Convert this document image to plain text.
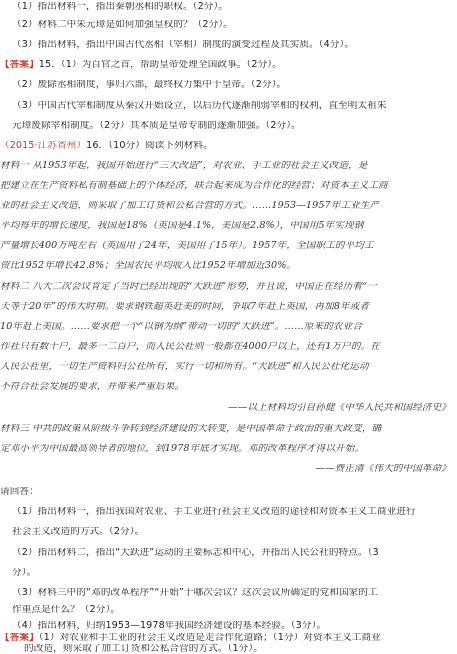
（1）指出材料一，指出秦朝丞相的职权。（2分）。
（2）材料二中朱元璋是如何加强皇权的？（2分）。
（3）指出材料，指出中国古代丞相（宰相）制度的演变过程及其实质。（4分）。
【答案】15．（1）为百官之首，帮助皇帝处理全国政事。（2分）。
（2）废除丞相制度，事归六部，最终权力集中于皇帝。（2分）。
（3）中国古代宰相制度从秦汉开始设立，以后历代逐渐削弱宰相的权利，直至明太祖朱
元璋废除宰相制度。（2分）其本质是皇帝专制的逐渐加强。（2分）。
（2015·江苏省州）16．（10分）阅读下列材料。
材料一 从1953年起，我国开始进行“三大改造”，对农业、手工业的社会主义改造，是
把建立在生产资料私有制基础上的个体经济，联合起来成为合作化的经营；对资本主义工商
业的社会主义改造，则采取了加工订货和公私合营的方式。……1953—1957年工业生产
平均每年的增长速度，我国是18%（英国是4.1%，美国是2.8%），中国用5年实现钢
产量增长400万吨左右（英国用了24年，美国用了15年）。1957年，全国职工的平均工
资比1952年增长42.8%；全国农民平均收入比1952年增加近30%。
材料二 八大二次会议肯定了当时已经出现的“大跃进”形势，并且说，中国正在经历着“一
天等于20年”的伟大时期。要求钢铁超英赶美的时间，争取7年赶上英国，再加8年或者
10年赶上美国。……要求把一个“以钢为纲”带动一切的“大跃进”。……原来的农业合
作社只有数十户，最多一二百户，而人民公社则一般都在4000户以上，还有1万户的。在
人民公社里，一切生产资料归公社所有，实行一切和所有。“大跃进”和人民公社化运动
不符合社会发展的要求，并带来严重后果。
——以上材料均引自孙健《中华人民共和国经济史》
材料三 中共的政策从阶级斗争转到经济建设的大转变，是中国革命于政治的重大政变，确
定邓小平为中国最高领导者的地位，到1978年底才实现。邓的改革程序才得以开始。
——费正清《伟大的中国革命》
请回答：
（1）指出材料一，指出我国对农业、手工业进行社会主义改造的途径和对资本主义工商业进行
社会主义改造的方式。（2分）。
（2）指出材料二，指出“大跃进”运动的主要标志和中心，并指出人民公社的特点。（3
分）。
（3）材料三中的“邓的改革程序”“开始”于哪次会议？这次会议所确定的党和国家的工
作重点是什么？（2分）。
（4）指出材料，归纳1953—1978年我国经济建设的基本经验。（3分）。
【答案】（1）对农业和手工业的社会主义改造是走合作化道路；（1分）对资本主义工商业
的改造，则采取了加工订货和公私合营的方式。（1分）。
